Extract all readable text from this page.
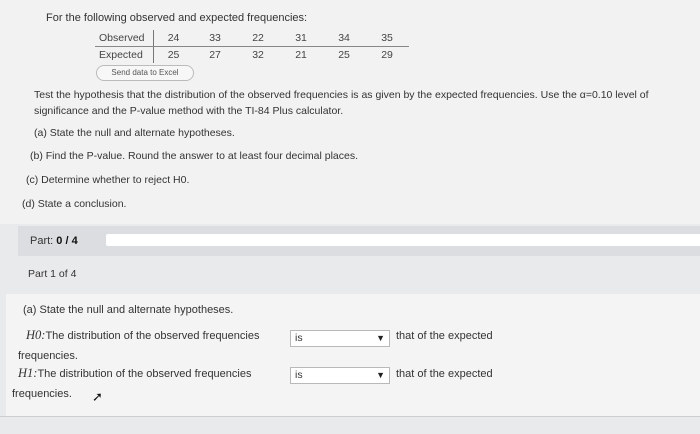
For the following observed and expected frequencies:
Observed	24	33	22	31	34	35
Expected	25	27	32	21	25	29
Send data to Excel
Test the hypothesis that the distribution of the observed frequencies is as given by the expected frequencies. Use the α=0.10 level of significance and the P-value method with the TI-84 Plus calculator.
(a) State the null and alternate hypotheses.
(b) Find the P-value. Round the answer to at least four decimal places.
(c) Determine whether to reject H0.
(d) State a conclusion.
Part: 0 / 4
Part 1 of 4
(a) State the null and alternate hypotheses.
H0:The distribution of the observed frequencies	is	▼ that of the expected
frequencies.
H1:The distribution of the observed frequencies	is	▼ that of the expected
frequencies. ➚
